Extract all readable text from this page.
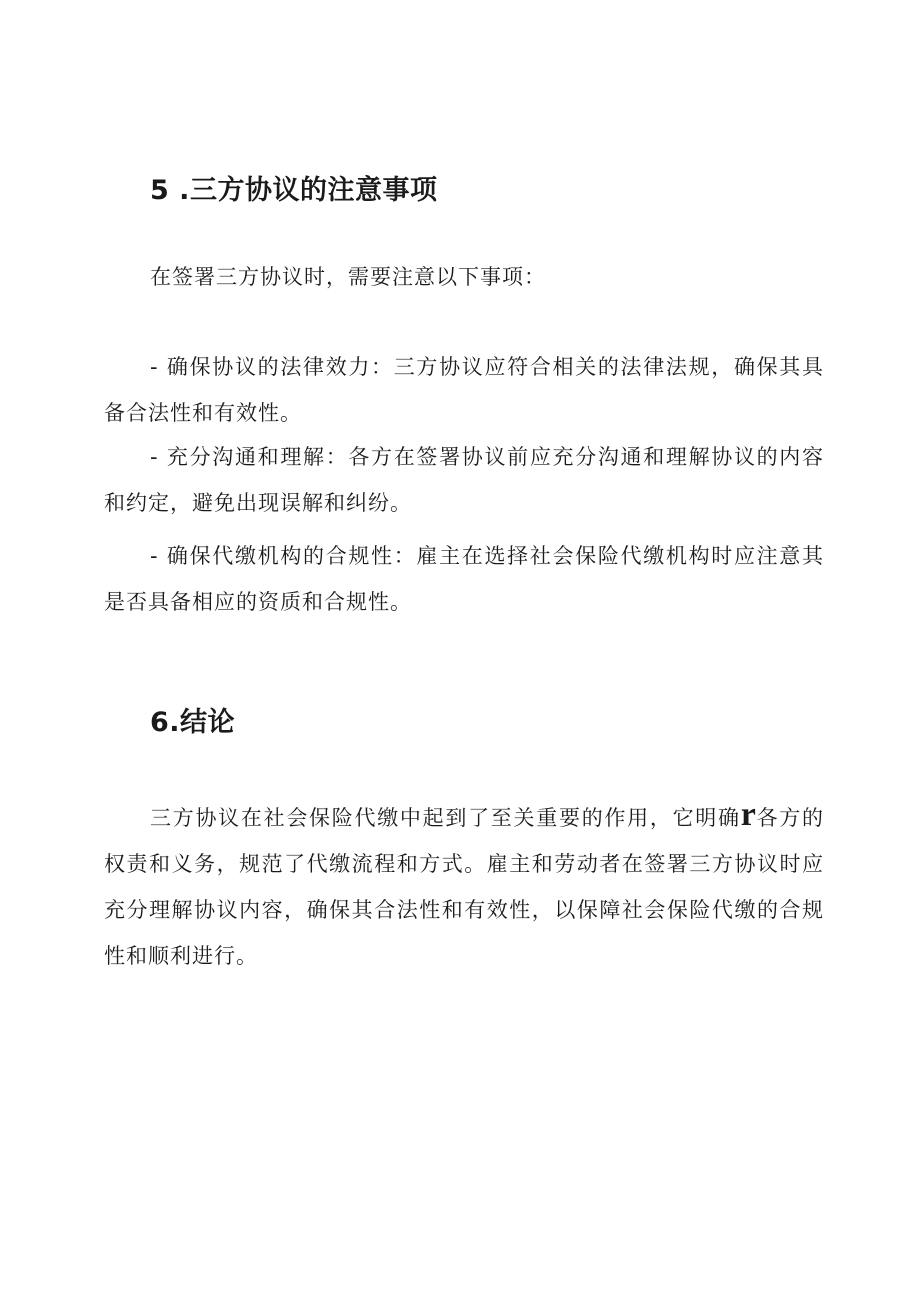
5 .三方协议的注意事项

在签署三方协议时，需要注意以下事项：

- 确保协议的法律效力：三方协议应符合相关的法律法规，确保其具备合法性和有效性。

- 充分沟通和理解：各方在签署协议前应充分沟通和理解协议的内容和约定，避免出现误解和纠纷。

- 确保代缴机构的合规性：雇主在选择社会保险代缴机构时应注意其是否具备相应的资质和合规性。

6.结论

三方协议在社会保险代缴中起到了至关重要的作用，它明确r各方的权责和义务，规范了代缴流程和方式。雇主和劳动者在签署三方协议时应充分理解协议内容，确保其合法性和有效性，以保障社会保险代缴的合规性和顺利进行。
